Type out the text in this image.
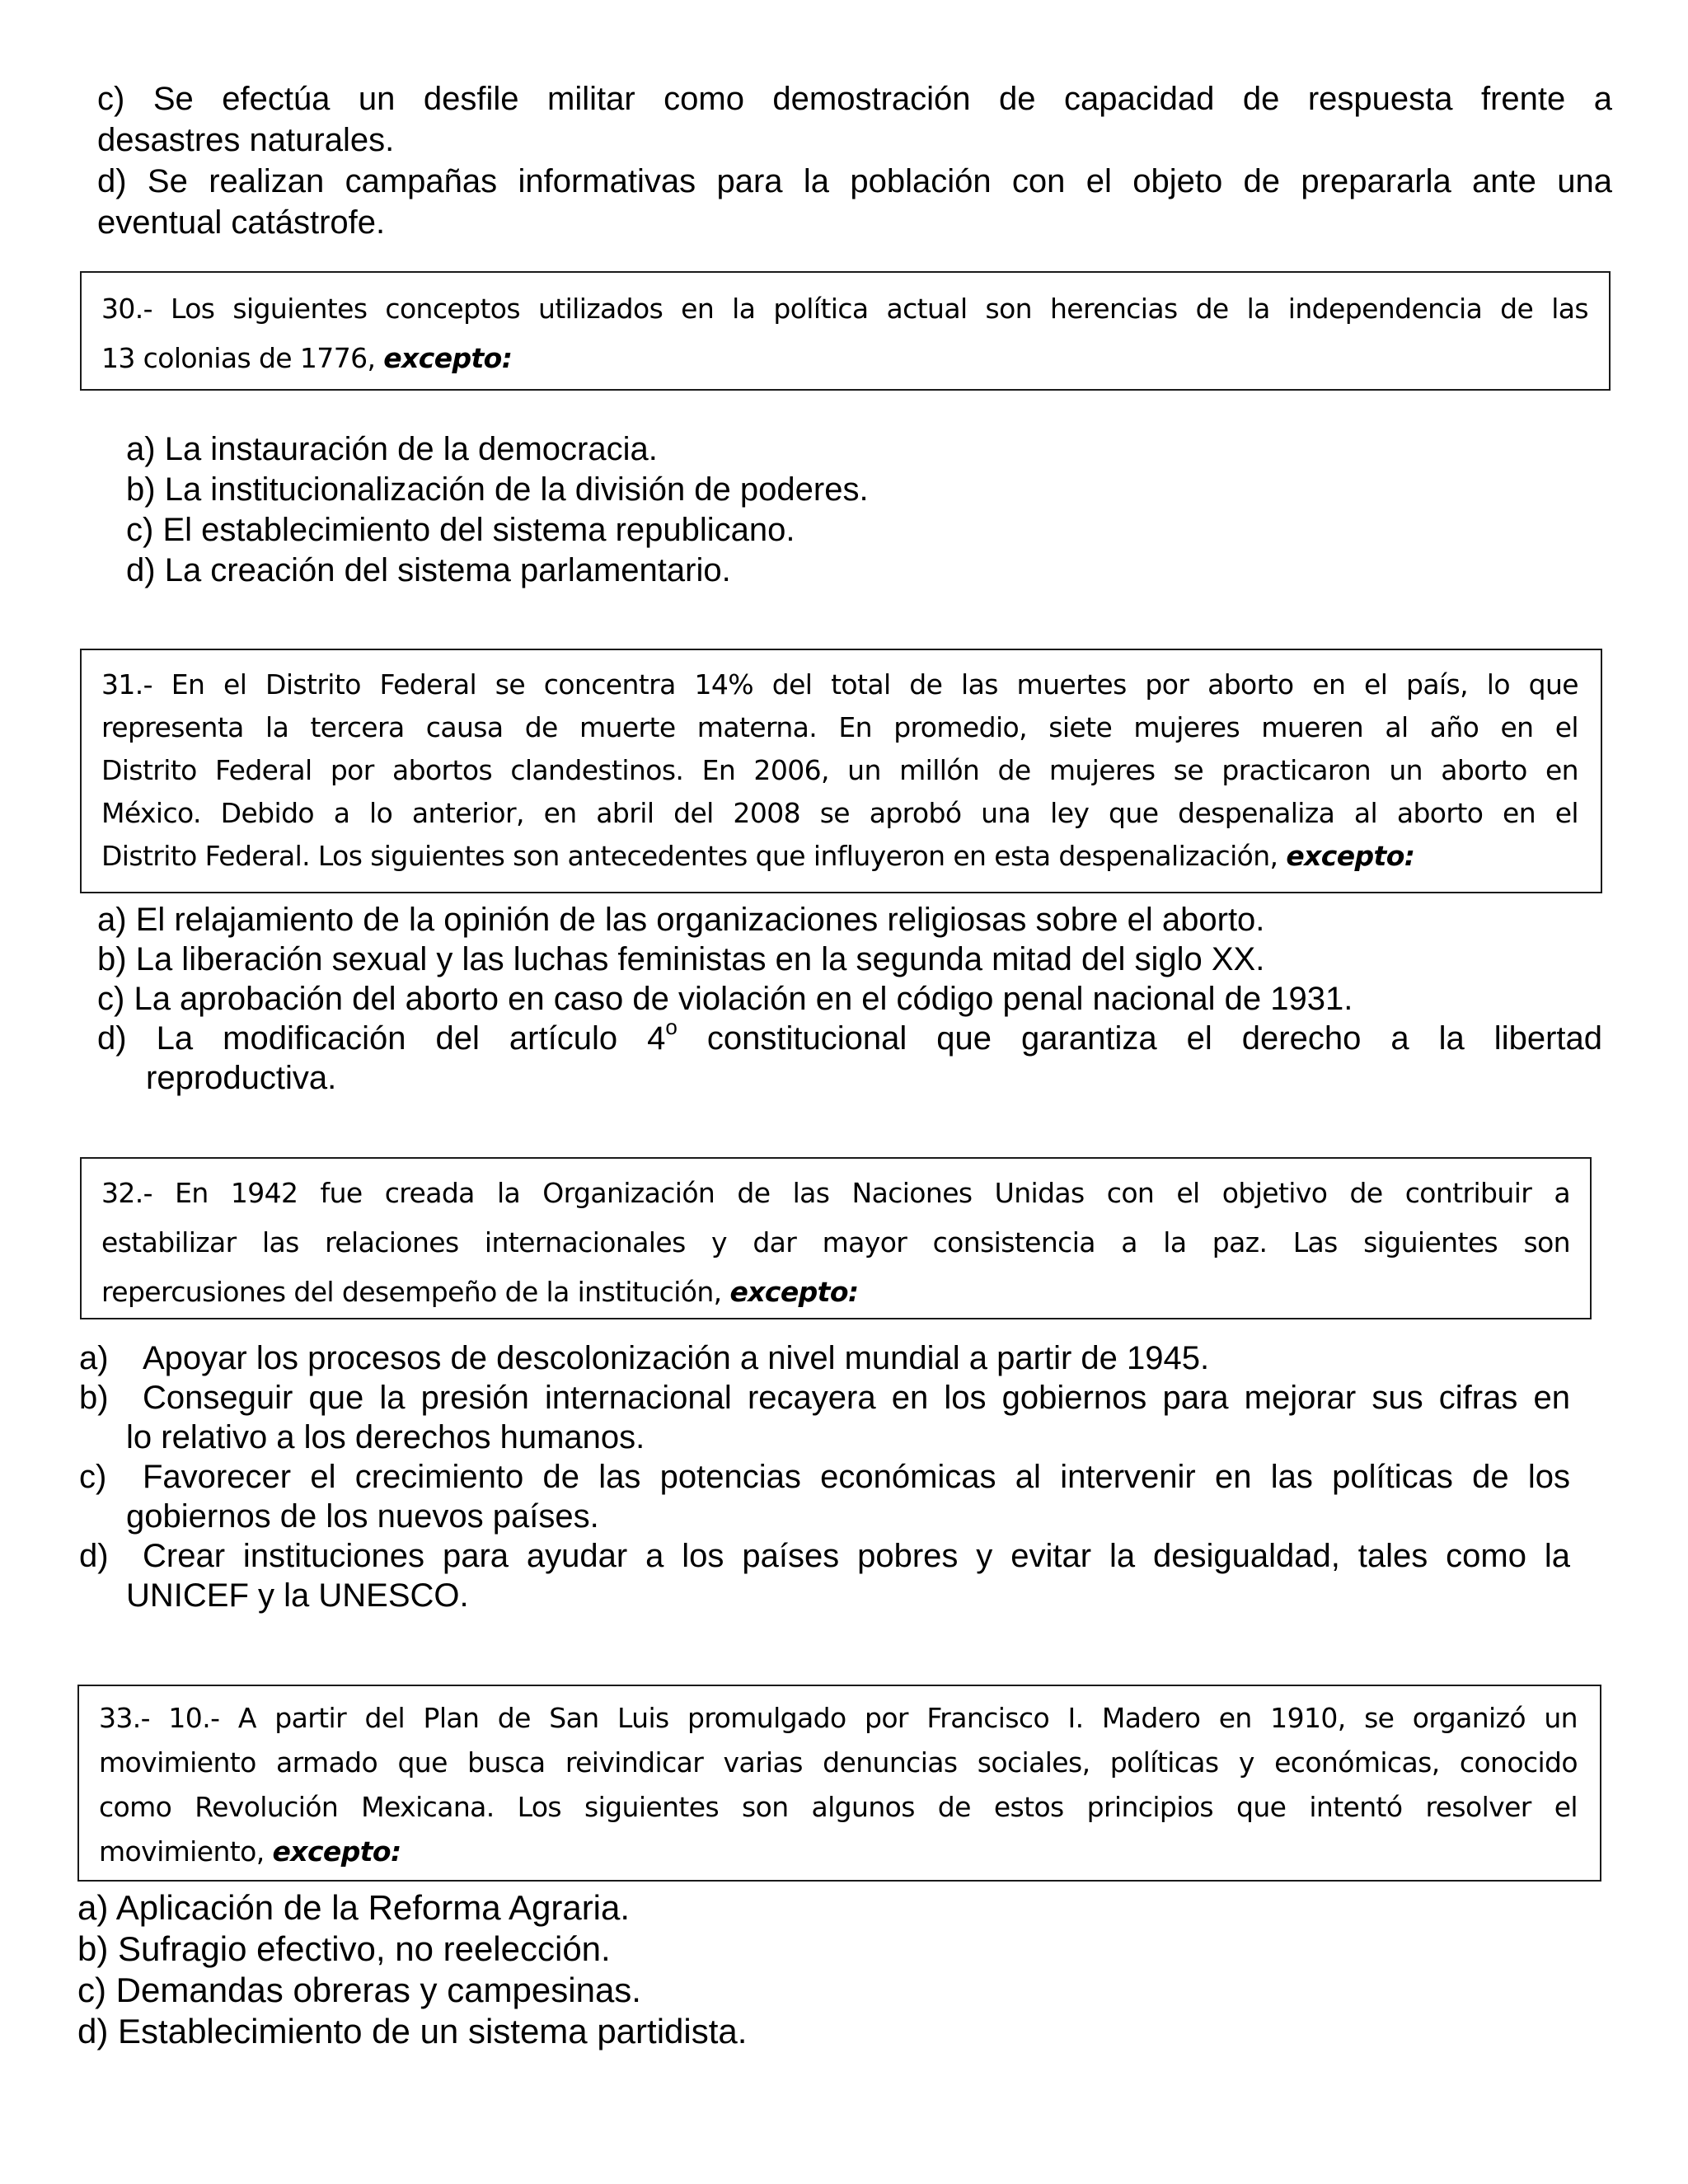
c) Se efectúa un desfile militar como demostración de capacidad de respuesta frente a
desastres naturales.
d) Se realizan campañas informativas para la población con el objeto de prepararla ante una
eventual catástrofe.
30.- Los siguientes conceptos utilizados en la política actual son herencias de la independencia de las
13 colonias de 1776, excepto:
a) La instauración de la democracia.
b) La institucionalización de la división de poderes.
c) El establecimiento del sistema republicano.
d) La creación del sistema parlamentario.
31.- En el Distrito Federal se concentra 14% del total de las muertes por aborto en el país, lo que
representa la tercera causa de muerte materna. En promedio, siete mujeres mueren al año en el
Distrito Federal por abortos clandestinos. En 2006, un millón de mujeres se practicaron un aborto en
México. Debido a lo anterior, en abril del 2008 se aprobó una ley que despenaliza al aborto en el
Distrito Federal. Los siguientes son antecedentes que influyeron en esta despenalización, excepto:
a) El relajamiento de la opinión de las organizaciones religiosas sobre el aborto.
b) La liberación sexual y las luchas feministas en la segunda mitad del siglo XX.
c) La aprobación del aborto en caso de violación en el código penal nacional de 1931.
d) La modificación del artículo 4$^o$ constitucional que garantiza el derecho a la libertad
reproductiva.
32.- En 1942 fue creada la Organización de las Naciones Unidas con el objetivo de contribuir a
estabilizar las relaciones internacionales y dar mayor consistencia a la paz. Las siguientes son
repercusiones del desempeño de la institución, excepto:
a) Apoyar los procesos de descolonización a nivel mundial a partir de 1945.
b) Conseguir que la presión internacional recayera en los gobiernos para mejorar sus cifras en
lo relativo a los derechos humanos.
c) Favorecer el crecimiento de las potencias económicas al intervenir en las políticas de los
gobiernos de los nuevos países.
d) Crear instituciones para ayudar a los países pobres y evitar la desigualdad, tales como la
UNICEF y la UNESCO.
33.- 10.- A partir del Plan de San Luis promulgado por Francisco I. Madero en 1910, se organizó un
movimiento armado que busca reivindicar varias denuncias sociales, políticas y económicas, conocido
como Revolución Mexicana. Los siguientes son algunos de estos principios que intentó resolver el
movimiento, excepto:
a) Aplicación de la Reforma Agraria.
b) Sufragio efectivo, no reelección.
c) Demandas obreras y campesinas.
d) Establecimiento de un sistema partidista.
